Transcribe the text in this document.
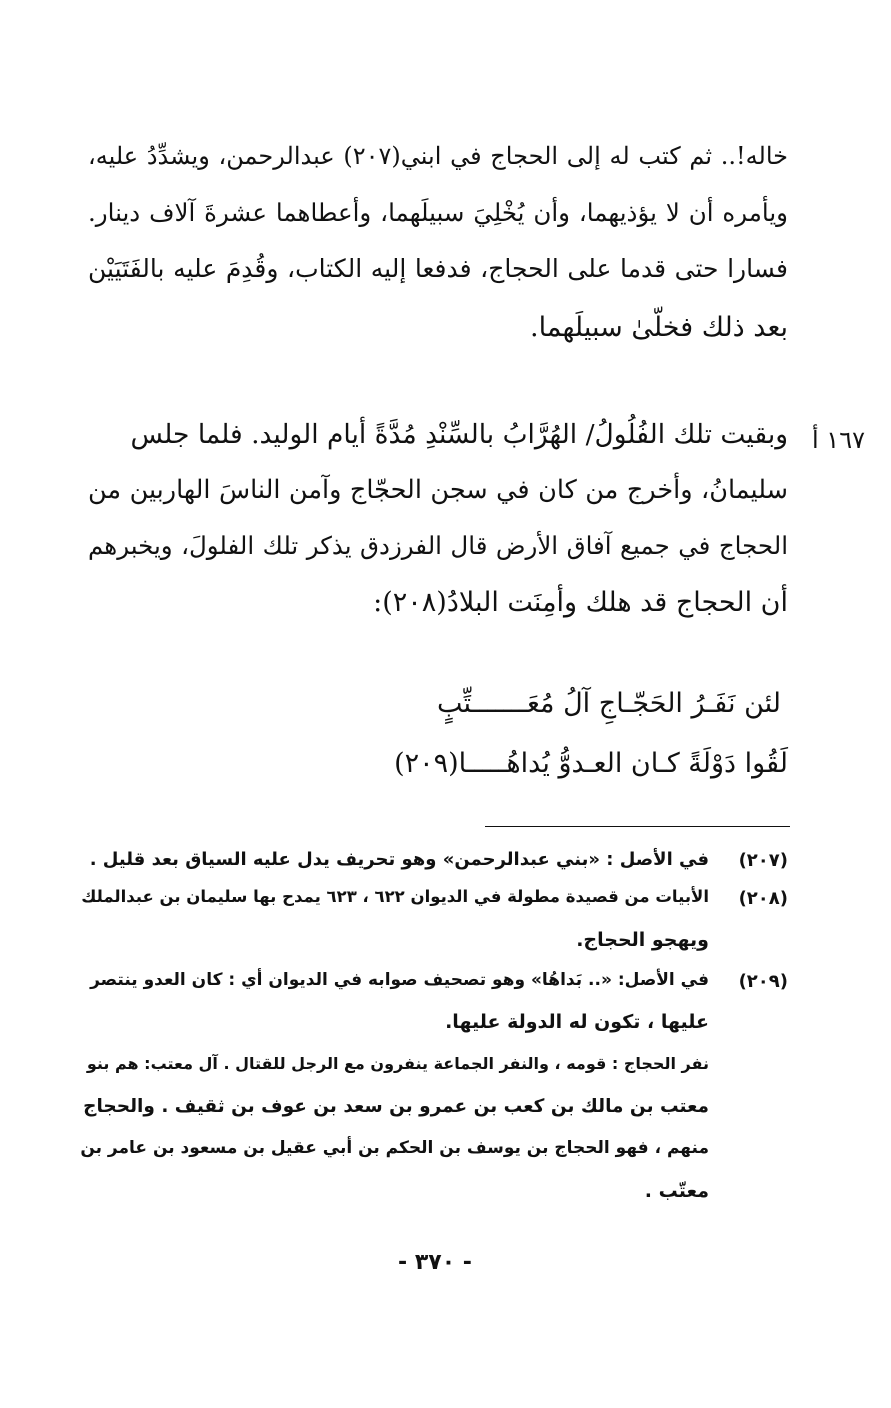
خاله!.. ثم كتب له إلى الحجاج في ابني(٢٠٧) عبدالرحمن، ويشدِّدُ عليه،
ويأمره أن لا يؤذيهما، وأن يُخْلِيَ سبيلَهما، وأعطاهما عشرةَ آلاف دينار.
فسارا حتى قدما على الحجاج، فدفعا إليه الكتاب، وقُدِمَ عليه بالفَتَيَيْن
بعد ذلك فخلّىٰ سبيلَهما.
١٦٧ أ
وبقيت تلك الفُلُولُ/ الهُرَّابُ بالسِّنْدِ مُدَّةً أيام الوليد. فلما جلس
سليمانُ، وأخرج من كان في سجن الحجّاج وآمن الناسَ الهاربين من
الحجاج في جميع آفاق الأرض قال الفرزدق يذكر تلك الفلولَ، ويخبرهم
أن الحجاج قد هلك وأمِنَت البلادُ(٢٠٨):
لئن نَفَـرُ الحَجّـاجِ آلُ مُعَـــــــتِّبٍ
لَقُوا دَوْلَةً كـان العـدوُّ يُداهُـــــا(٢٠٩)
(٢٠٧)
في الأصل : «بني عبدالرحمن» وهو تحريف يدل عليه السياق بعد قليل .
(٢٠٨)
الأبيات من قصيدة مطولة في الديوان ٦٢٢ ، ٦٢٣ يمدح بها سليمان بن عبدالملك
ويهجو الحجاج.
(٢٠٩)
في الأصل: «.. بَداهُا» وهو تصحيف صوابه في الديوان أي : كان العدو ينتصر
عليها ، تكون له الدولة عليها.
نفر الحجاج : قومه ، والنفر الجماعة ينفرون مع الرجل للقتال . آل معتب: هم بنو
معتب بن مالك بن كعب بن عمرو بن سعد بن عوف بن ثقيف . والحجاج
منهم ، فهو الحجاج بن يوسف بن الحكم بن أبي عقيل بن مسعود بن عامر بن
معتّب .
- ٣٧٠ -
